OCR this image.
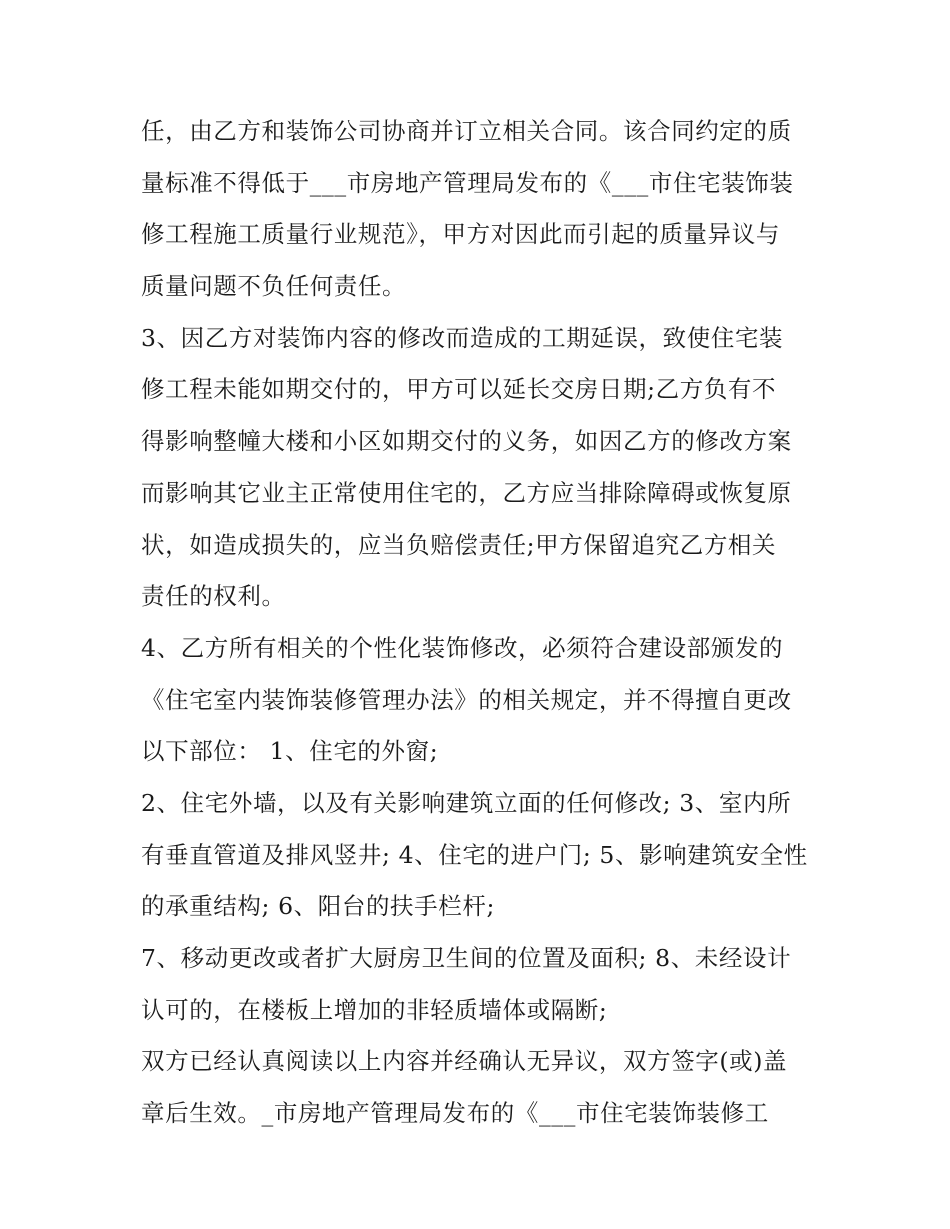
任，由乙方和装饰公司协商并订立相关合同。该合同约定的质
量标准不得低于___市房地产管理局发布的《___市住宅装饰装
修工程施工质量行业规范》，甲方对因此而引起的质量异议与
质量问题不负任何责任。
3、因乙方对装饰内容的修改而造成的工期延误，致使住宅装
修工程未能如期交付的，甲方可以延长交房日期;乙方负有不
得影响整幢大楼和小区如期交付的义务，如因乙方的修改方案
而影响其它业主正常使用住宅的，乙方应当排除障碍或恢复原
状，如造成损失的，应当负赔偿责任;甲方保留追究乙方相关
责任的权利。
4、乙方所有相关的个性化装饰修改，必须符合建设部颁发的
《住宅室内装饰装修管理办法》的相关规定，并不得擅自更改
以下部位： 1、住宅的外窗;
2、住宅外墙，以及有关影响建筑立面的任何修改; 3、室内所
有垂直管道及排风竖井; 4、住宅的进户门; 5、影响建筑安全性
的承重结构; 6、阳台的扶手栏杆;
7、移动更改或者扩大厨房卫生间的位置及面积; 8、未经设计
认可的，在楼板上增加的非轻质墙体或隔断;
双方已经认真阅读以上内容并经确认无异议，双方签字(或)盖
章后生效。_市房地产管理局发布的《___市住宅装饰装修工
